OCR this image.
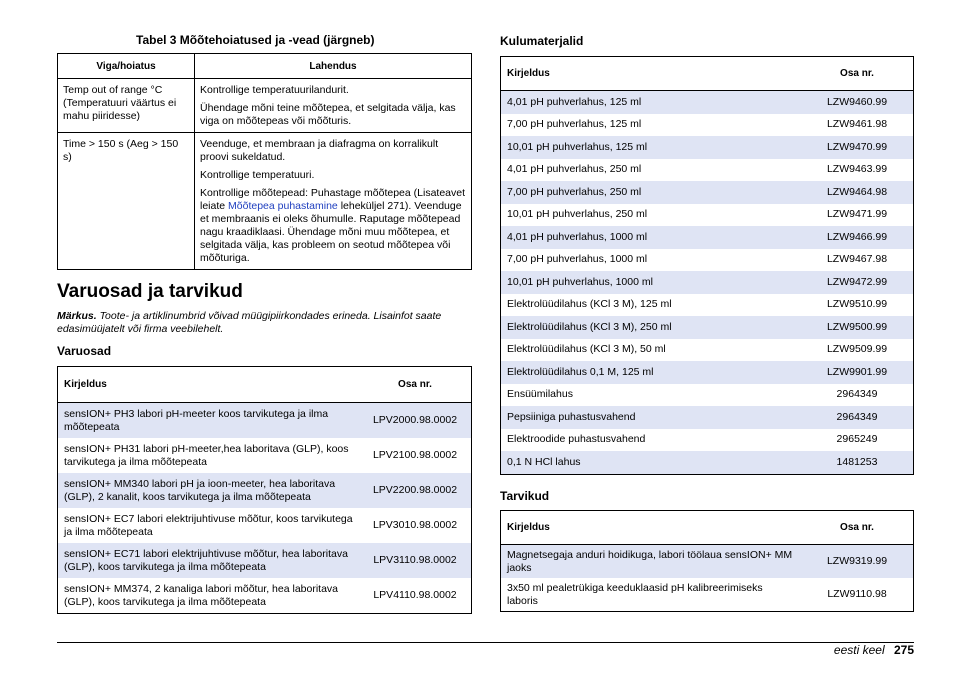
Tabel 3 Mõõtehoiatused ja -vead (järgneb)
Viga/hoiatus	Lahendus
Temp out of range °C (Temperatuuri väärtus ei mahu piiridesse)	Kontrollige temperatuurilandurit.

Ühendage mõni teine mõõtepea, et selgitada välja, kas viga on mõõtepeas või mõõturis.

Time > 150 s (Aeg > 150 s)	Veenduge, et membraan ja diafragma on korralikult proovi sukeldatud.

Kontrollige temperatuuri.

Kontrollige mõõtepead: Puhastage mõõtepea (Lisateavet leiate Mõõtepea puhastamine leheküljel 271). Veenduge et membraanis ei oleks õhumulle. Raputage mõõtepead nagu kraadiklaasi. Ühendage mõni muu mõõtepea, et selgitada välja, kas probleem on seotud mõõtepea või mõõturiga.

Varuosad ja tarvikud
Märkus. Toote- ja artiklinumbrid võivad müügipiirkondades erineda. Lisainfot saate edasimüüjatelt või firma veebilehelt.
Varuosad
Kirjeldus	Osa nr.
sensION+ PH3 labori pH-meeter koos tarvikutega ja ilma mõõtepeata	LPV2000.98.0002
sensION+ PH31 labori pH-meeter,hea laboritava (GLP), koos tarvikutega ja ilma mõõtepeata	LPV2100.98.0002
sensION+ MM340 labori pH ja ioon-meeter, hea laboritava (GLP), 2 kanalit, koos tarvikutega ja ilma mõõtepeata	LPV2200.98.0002
sensION+ EC7 labori elektrijuhtivuse mõõtur, koos tarvikutega ja ilma mõõtepeata	LPV3010.98.0002
sensION+ EC71 labori elektrijuhtivuse mõõtur, hea laboritava (GLP), koos tarvikutega ja ilma mõõtepeata	LPV3110.98.0002
sensION+ MM374, 2 kanaliga labori mõõtur, hea laboritava (GLP), koos tarvikutega ja ilma mõõtepeata	LPV4110.98.0002
Kulumaterjalid
Kirjeldus	Osa nr.
4,01 pH puhverlahus, 125 ml	LZW9460.99
7,00 pH puhverlahus, 125 ml	LZW9461.98
10,01 pH puhverlahus, 125 ml	LZW9470.99
4,01 pH puhverlahus, 250 ml	LZW9463.99
7,00 pH puhverlahus, 250 ml	LZW9464.98
10,01 pH puhverlahus, 250 ml	LZW9471.99
4,01 pH puhverlahus, 1000 ml	LZW9466.99
7,00 pH puhverlahus, 1000 ml	LZW9467.98
10,01 pH puhverlahus, 1000 ml	LZW9472.99
Elektrolüüdilahus (KCl 3 M), 125 ml	LZW9510.99
Elektrolüüdilahus (KCl 3 M), 250 ml	LZW9500.99
Elektrolüüdilahus (KCl 3 M), 50 ml	LZW9509.99
Elektrolüüdilahus 0,1 M, 125 ml	LZW9901.99
Ensüümilahus	2964349
Pepsiiniga puhastusvahend	2964349
Elektroodide puhastusvahend	2965249
0,1 N HCl lahus	1481253
Tarvikud
Kirjeldus	Osa nr.
Magnetsegaja anduri hoidikuga, labori töölaua sensION+ MM jaoks	LZW9319.99
3x50 ml pealetrükiga keeduklaasid pH kalibreerimiseks laboris	LZW9110.98
eesti keel 275
